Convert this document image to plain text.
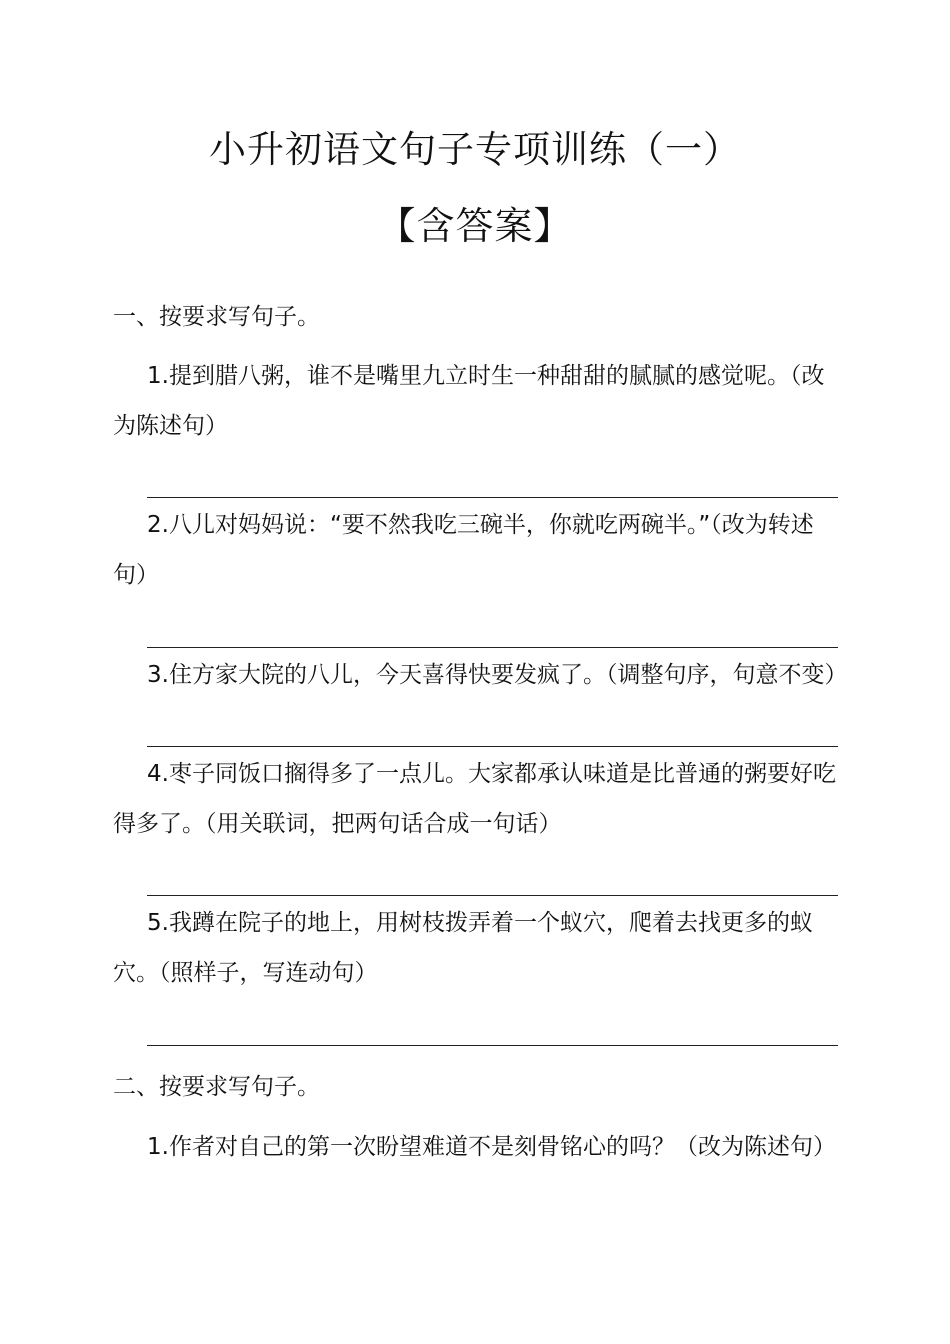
小升初语文句子专项训练（一）
【含答案】

一、按要求写句子。

1.提到腊八粥，谁不是嘴里九立时生一种甜甜的腻腻的感觉呢。（改为陈述句）

2.八儿对妈妈说：“要不然我吃三碗半，你就吃两碗半。”（改为转述句）

3.住方家大院的八儿，今天喜得快要发疯了。（调整句序，句意不变）

4.枣子同饭口搁得多了一点儿。大家都承认味道是比普通的粥要好吃得多了。（用关联词，把两句话合成一句话）

5.我蹲在院子的地上，用树枝拨弄着一个蚁穴，爬着去找更多的蚁穴。（照样子，写连动句）

二、按要求写句子。

1.作者对自己的第一次盼望难道不是刻骨铭心的吗？（改为陈述句）
